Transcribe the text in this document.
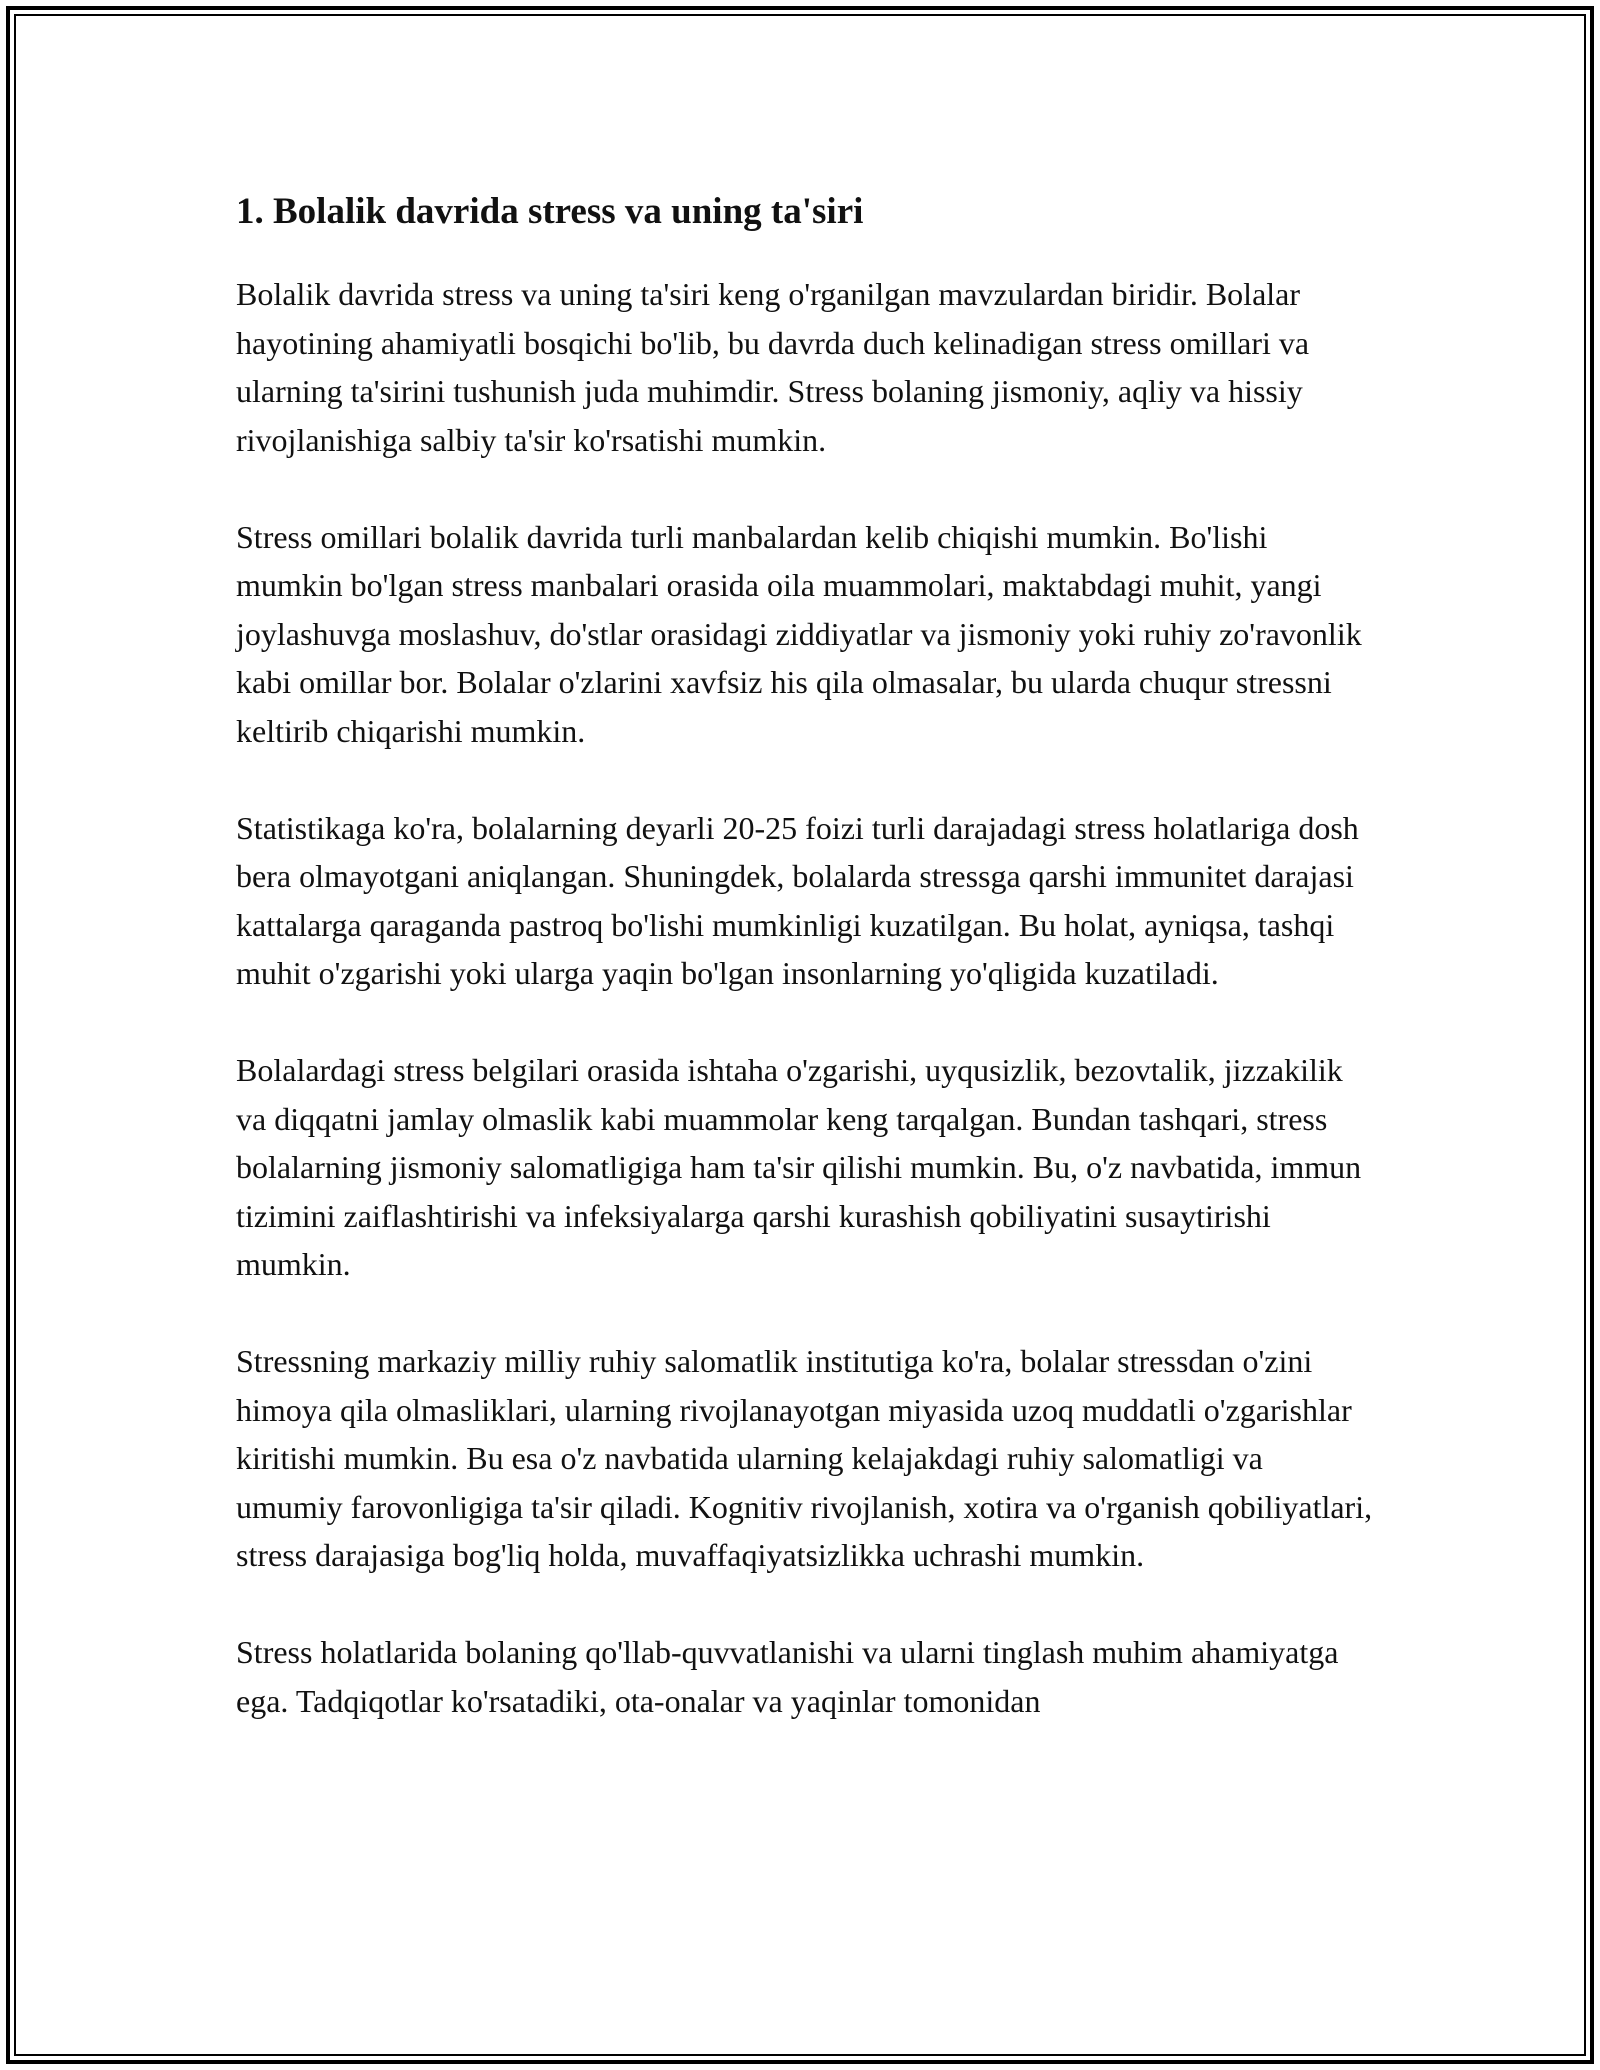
1. Bolalik davrida stress va uning ta'siri

Bolalik davrida stress va uning ta'siri keng o'rganilgan mavzulardan biridir. Bolalar hayotining ahamiyatli bosqichi bo'lib, bu davrda duch kelinadigan stress omillari va ularning ta'sirini tushunish juda muhimdir. Stress bolaning jismoniy, aqliy va hissiy rivojlanishiga salbiy ta'sir ko'rsatishi mumkin.

Stress omillari bolalik davrida turli manbalardan kelib chiqishi mumkin. Bo'lishi mumkin bo'lgan stress manbalari orasida oila muammolari, maktabdagi muhit, yangi joylashuvga moslashuv, do'stlar orasidagi ziddiyatlar va jismoniy yoki ruhiy zo'ravonlik kabi omillar bor. Bolalar o'zlarini xavfsiz his qila olmasalar, bu ularda chuqur stressni keltirib chiqarishi mumkin.

Statistikaga ko'ra, bolalarning deyarli 20-25 foizi turli darajadagi stress holatlariga dosh bera olmayotgani aniqlangan. Shuningdek, bolalarda stressga qarshi immunitet darajasi kattalarga qaraganda pastroq bo'lishi mumkinligi kuzatilgan. Bu holat, ayniqsa, tashqi muhit o'zgarishi yoki ularga yaqin bo'lgan insonlarning yo'qligida kuzatiladi.

Bolalardagi stress belgilari orasida ishtaha o'zgarishi, uyqusizlik, bezovtalik, jizzakilik va diqqatni jamlay olmaslik kabi muammolar keng tarqalgan. Bundan tashqari, stress bolalarning jismoniy salomatligiga ham ta'sir qilishi mumkin. Bu, o'z navbatida, immun tizimini zaiflashtirishi va infeksiyalarga qarshi kurashish qobiliyatini susaytirishi mumkin.

Stressning markaziy milliy ruhiy salomatlik institutiga ko'ra, bolalar stressdan o'zini himoya qila olmasliklari, ularning rivojlanayotgan miyasida uzoq muddatli o'zgarishlar kiritishi mumkin. Bu esa o'z navbatida ularning kelajakdagi ruhiy salomatligi va umumiy farovonligiga ta'sir qiladi. Kognitiv rivojlanish, xotira va o'rganish qobiliyatlari, stress darajasiga bog'liq holda, muvaffaqiyatsizlikka uchrashi mumkin.

Stress holatlarida bolaning qo'llab-quvvatlanishi va ularni tinglash muhim ahamiyatga ega. Tadqiqotlar ko'rsatadiki, ota-onalar va yaqinlar tomonidan
